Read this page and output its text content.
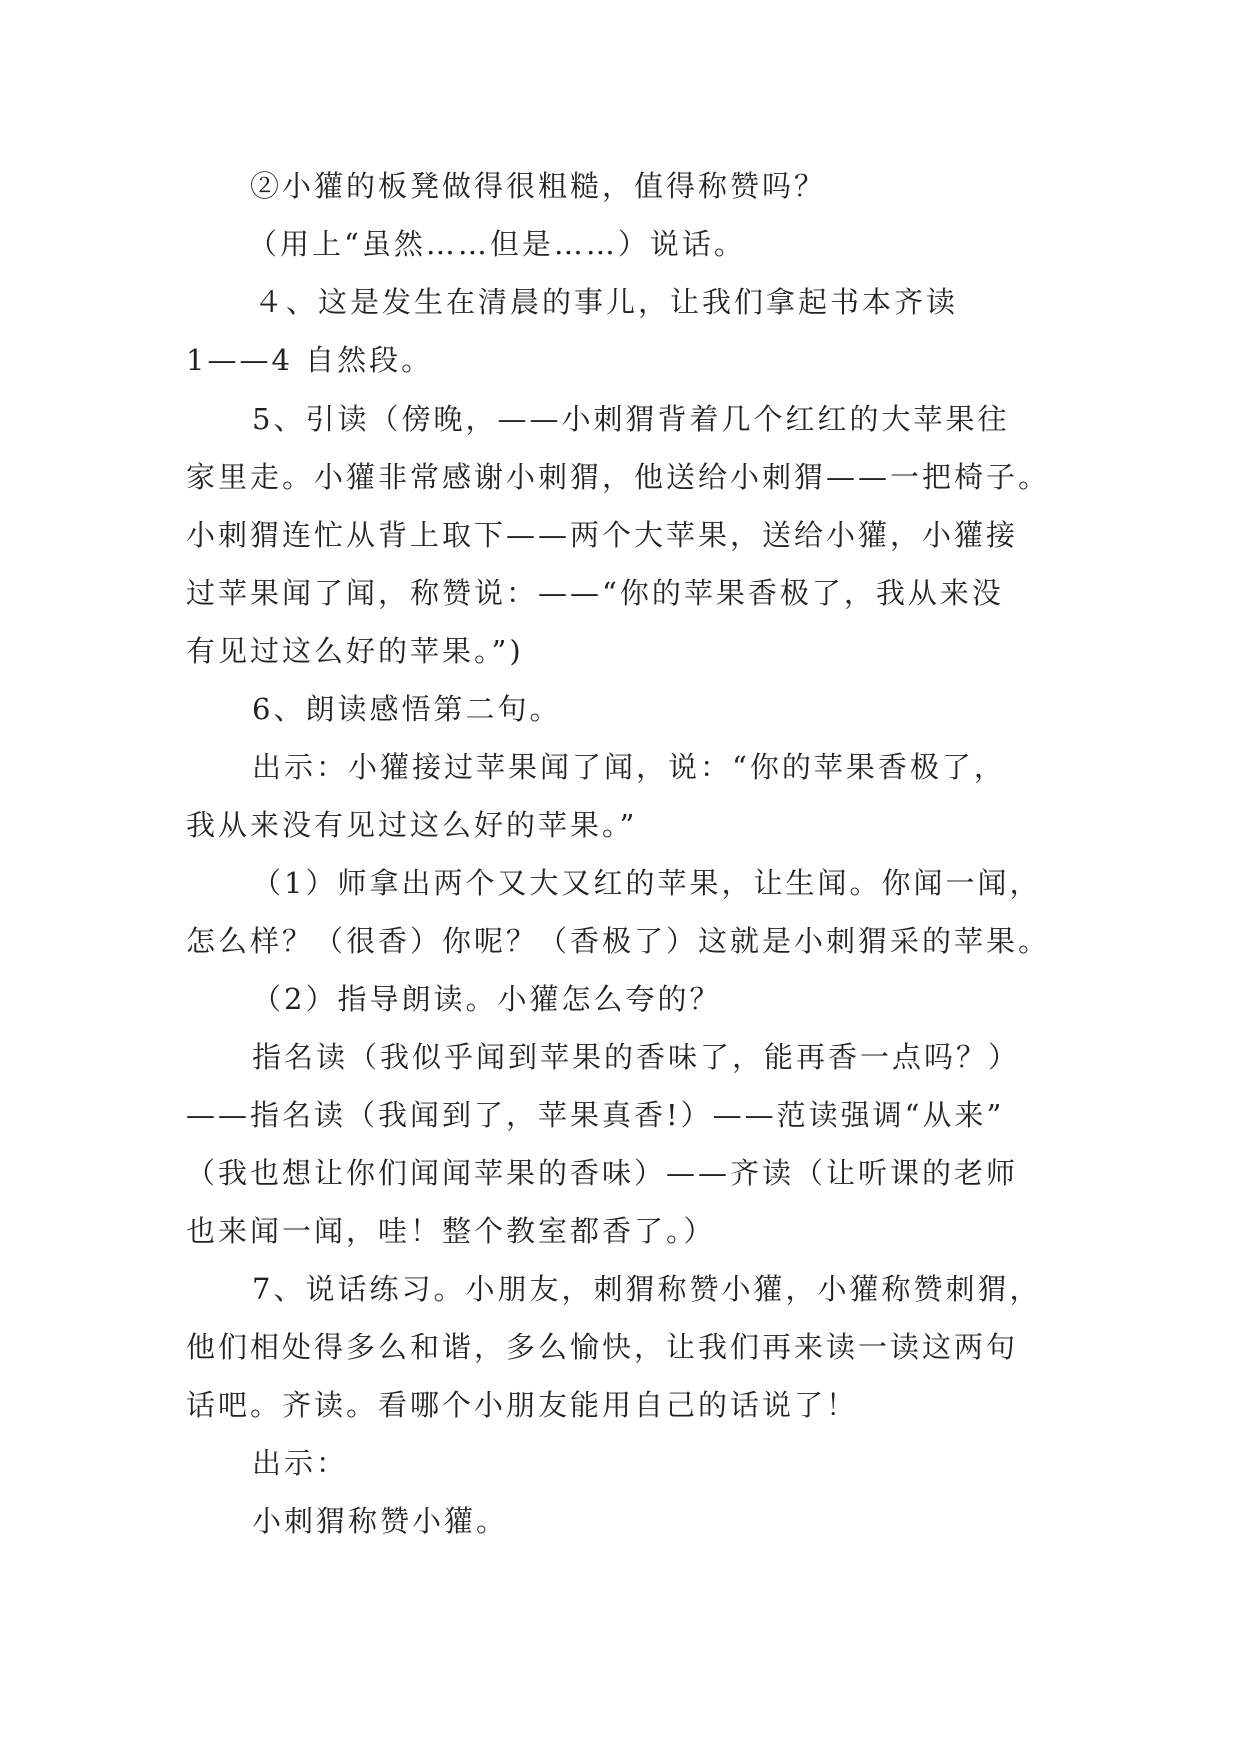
②小獾的板凳做得很粗糙，值得称赞吗？
（用上“虽然……但是……）说话。
４、这是发生在清晨的事儿，让我们拿起书本齐读
1——4 自然段。
5、引读（傍晚，——小刺猬背着几个红红的大苹果往
家里走。小獾非常感谢小刺猬，他送给小刺猬——一把椅子。
小刺猬连忙从背上取下——两个大苹果，送给小獾，小獾接
过苹果闻了闻，称赞说：——“你的苹果香极了，我从来没
有见过这么好的苹果。”)
6、朗读感悟第二句。
出示：小獾接过苹果闻了闻，说：“你的苹果香极了，
我从来没有见过这么好的苹果。”
（1）师拿出两个又大又红的苹果，让生闻。你闻一闻，
怎么样？（很香）你呢？（香极了）这就是小刺猬采的苹果。
（2）指导朗读。小獾怎么夸的？
指名读（我似乎闻到苹果的香味了，能再香一点吗？）
——指名读（我闻到了，苹果真香!）——范读强调“从来”
（我也想让你们闻闻苹果的香味）——齐读（让听课的老师
也来闻一闻，哇！整个教室都香了。）
7、说话练习。小朋友，刺猬称赞小獾，小獾称赞刺猬，
他们相处得多么和谐，多么愉快，让我们再来读一读这两句
话吧。齐读。看哪个小朋友能用自己的话说了！
出示：
小刺猬称赞小獾。
